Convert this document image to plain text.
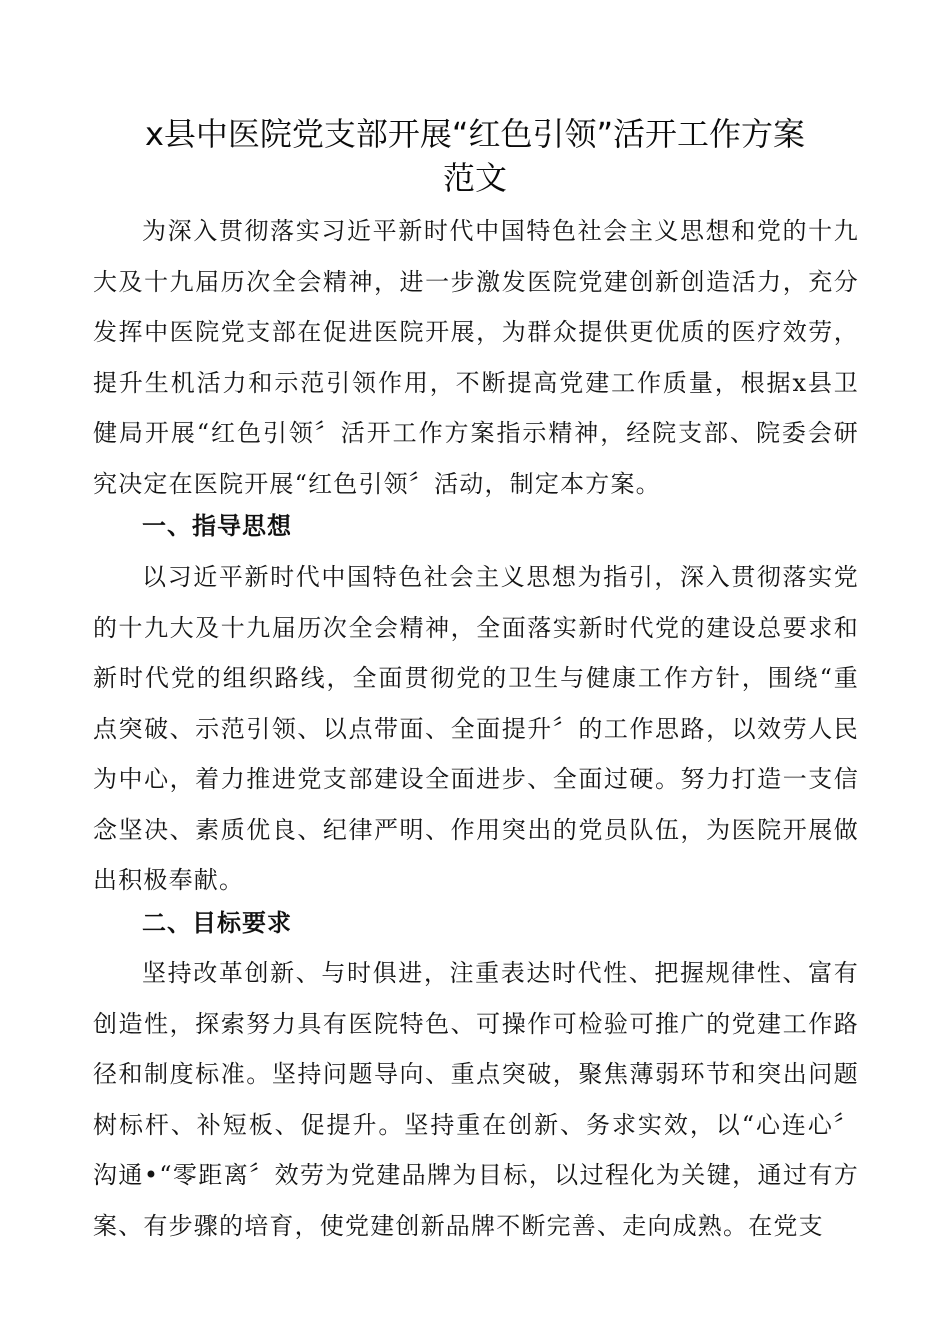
x县中医院党支部开展“红色引领”活开工作方案
范文

为深入贯彻落实习近平新时代中国特色社会主义思想和党的十九大及十九届历次全会精神，进一步激发医院党建创新创造活力，充分发挥中医院党支部在促进医院开展，为群众提供更优质的医疗效劳，提升生机活力和示范引领作用，不断提高党建工作质量，根据x县卫健局开展“红色引领〞活开工作方案指示精神，经院支部、院委会研究决定在医院开展“红色引领〞活动，制定本方案。

一、指导思想

以习近平新时代中国特色社会主义思想为指引，深入贯彻落实党的十九大及十九届历次全会精神，全面落实新时代党的建设总要求和新时代党的组织路线，全面贯彻党的卫生与健康工作方针，围绕“重点突破、示范引领、以点带面、全面提升〞的工作思路，以效劳人民为中心，着力推进党支部建设全面进步、全面过硬。努力打造一支信念坚决、素质优良、纪律严明、作用突出的党员队伍，为医院开展做出积极奉献。

二、目标要求

坚持改革创新、与时俱进，注重表达时代性、把握规律性、富有创造性，探索努力具有医院特色、可操作可检验可推广的党建工作路径和制度标准。坚持问题导向、重点突破，聚焦薄弱环节和突出问题树标杆、补短板、促提升。坚持重在创新、务求实效，以“心连心〞沟通•“零距离〞效劳为党建品牌为目标，以过程化为关键，通过有方案、有步骤的培育，使党建创新品牌不断完善、走向成熟。在党支
